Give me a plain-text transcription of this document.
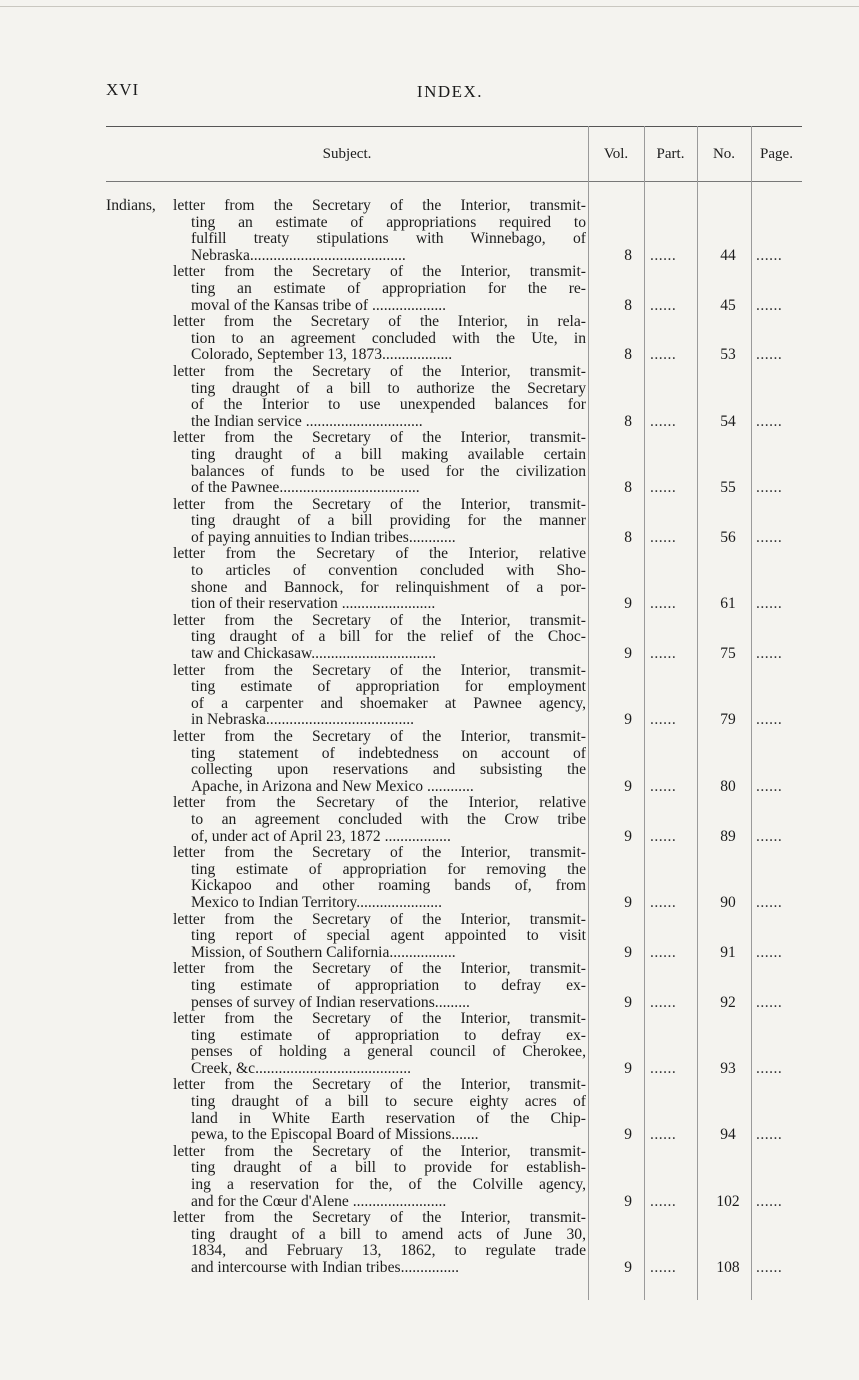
XVI	INDEX.
Subject.	Vol.	Part.	No.	Page.
Indians,	letter from the Secretary of the Interior, transmit-
ting an estimate of appropriations required to
fulfill treaty stipulations with Winnebago, of
Nebraska........................................	8 ......	44	......
letter from the Secretary of the Interior, transmit-
ting an estimate of appropriation for the re-
moval of the Kansas tribe of ...................	8 ......	45	......
letter from the Secretary of the Interior, in rela-
tion to an agreement concluded with the Ute, in
Colorado, September 13, 1873..................	8 ......	53	......
letter from the Secretary of the Interior, transmit-
ting draught of a bill to authorize the Secretary
of the Interior to use unexpended balances for
the Indian service ..............................	8 ......	54	......
letter from the Secretary of the Interior, transmit-
ting draught of a bill making available certain
balances of funds to be used for the civilization
of the Pawnee....................................	8 ......	55	......
letter from the Secretary of the Interior, transmit-
ting draught of a bill providing for the manner
of paying annuities to Indian tribes............	8 ......	56	......
letter from the Secretary of the Interior, relative
to articles of convention concluded with Sho-
shone and Bannock, for relinquishment of a por-
tion of their reservation ........................	9 ......	61	......
letter from the Secretary of the Interior, transmit-
ting draught of a bill for the relief of the Choc-
taw and Chickasaw................................	9 ......	75	......
letter from the Secretary of the Interior, transmit-
ting estimate of appropriation for employment
of a carpenter and shoemaker at Pawnee agency,
in Nebraska......................................	9 ......	79	......
letter from the Secretary of the Interior, transmit-
ting statement of indebtedness on account of
collecting upon reservations and subsisting the
Apache, in Arizona and New Mexico ............	9 ......	80	......
letter from the Secretary of the Interior, relative
to an agreement concluded with the Crow tribe
of, under act of April 23, 1872 .................	9 ......	89	......
letter from the Secretary of the Interior, transmit-
ting estimate of appropriation for removing the
Kickapoo and other roaming bands of, from
Mexico to Indian Territory......................	9 ......	90	......
letter from the Secretary of the Interior, transmit-
ting report of special agent appointed to visit
Mission, of Southern California.................	9 ......	91	......
letter from the Secretary of the Interior, transmit-
ting estimate of appropriation to defray ex-
penses of survey of Indian reservations.........	9 ......	92	......
letter from the Secretary of the Interior, transmit-
ting estimate of appropriation to defray ex-
penses of holding a general council of Cherokee,
Creek, &c........................................	9 ......	93	......
letter from the Secretary of the Interior, transmit-
ting draught of a bill to secure eighty acres of
land in White Earth reservation of the Chip-
pewa, to the Episcopal Board of Missions.......	9 ......	94	......
letter from the Secretary of the Interior, transmit-
ting draught of a bill to provide for establish-
ing a reservation for the, of the Colville agency,
and for the Cœur d'Alene ........................	9 ......	102	......
letter from the Secretary of the Interior, transmit-
ting draught of a bill to amend acts of June 30,
1834, and February 13, 1862, to regulate trade
and intercourse with Indian tribes...............	9 ......	108	......
